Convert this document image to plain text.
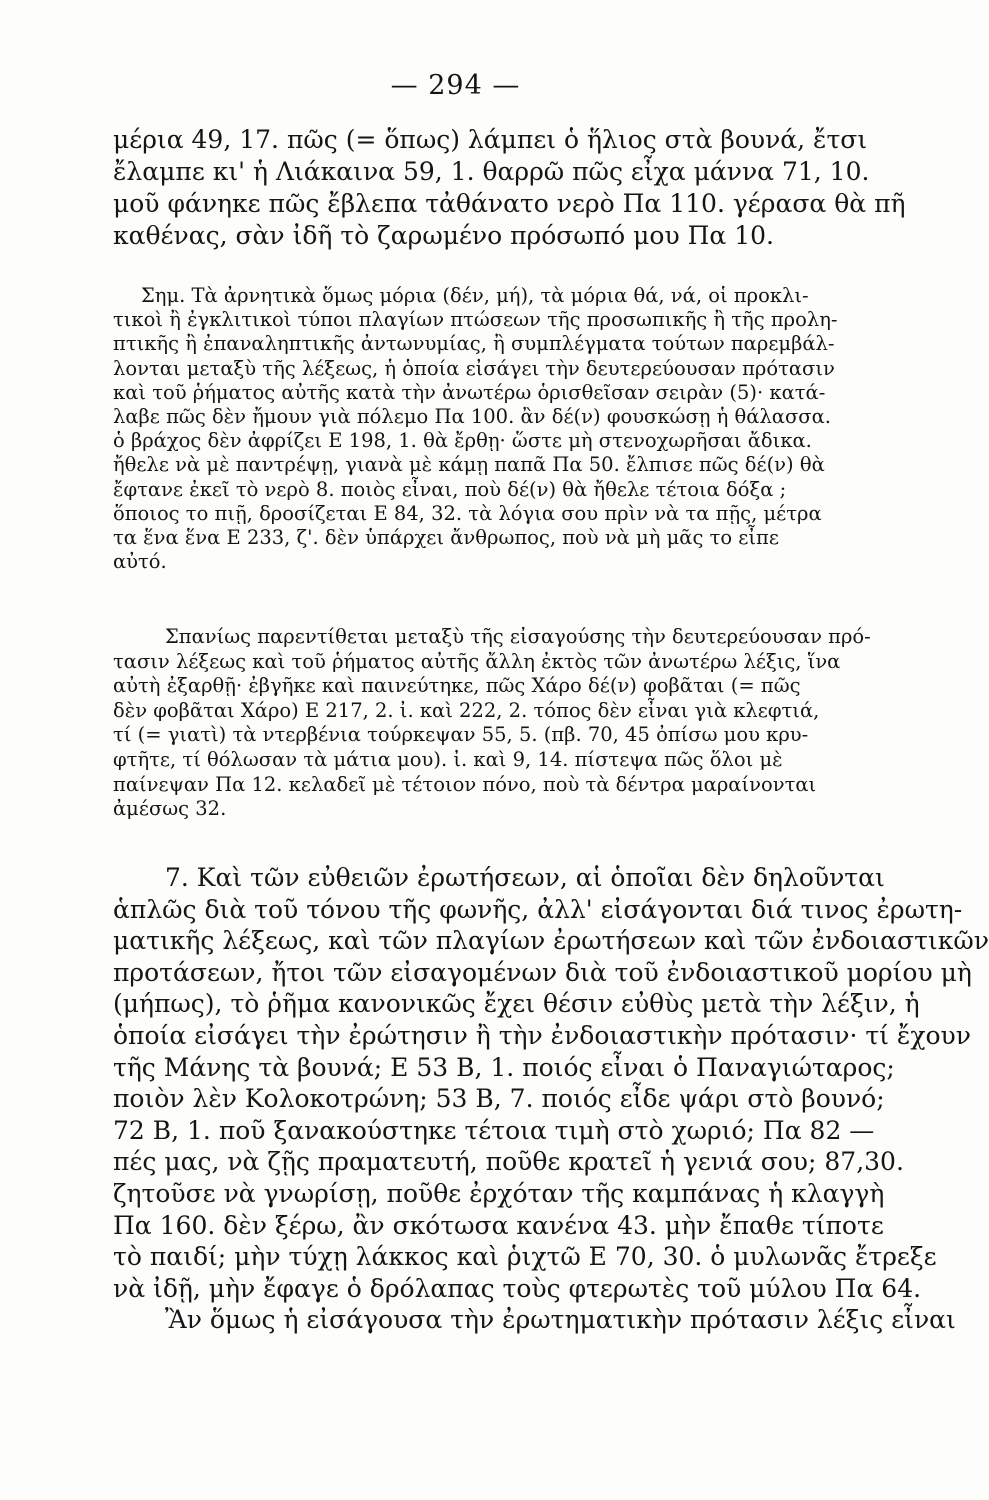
— 294 —
μέρια 49, 17. πῶς (= ὅπως) λάμπει ὁ ἥλιος στὰ βουνά, ἔτσι
ἔλαμπε κι' ἡ Λιάκαινα 59, 1. θαρρῶ πῶς εἶχα μάννα 71, 10.
μοῦ φάνηκε πῶς ἔβλεπα τἀθάνατο νερὸ Πα 110. γέρασα θὰ πῆ
καθένας, σὰν ἰδῆ τὸ ζαρωμένο πρόσωπό μου Πα 10.
Σημ. Τὰ ἀρνητικὰ ὅμως μόρια (δέν, μή), τὰ μόρια θά, νά, οἱ προκλι-
τικοὶ ἢ ἐγκλιτικοὶ τύποι πλαγίων πτώσεων τῆς προσωπικῆς ἢ τῆς προλη-
πτικῆς ἢ ἐπαναληπτικῆς ἀντωνυμίας, ἢ συμπλέγματα τούτων παρεμβάλ-
λονται μεταξὺ τῆς λέξεως, ἡ ὁποία εἰσάγει τὴν δευτερεύουσαν πρότασιν
καὶ τοῦ ῥήματος αὐτῆς κατὰ τὴν ἀνωτέρω ὁρισθεῖσαν σειρὰν (5)· κατά-
λαβε πῶς δὲν ἤμουν γιὰ πόλεμο Πα 100. ἂν δέ(ν) φουσκώσῃ ἡ θάλασσα.
ὁ βράχος δὲν ἀφρίζει Ε 198, 1. θὰ ἔρθῃ· ὥστε μὴ στενοχωρῆσαι ἄδικα.
ἤθελε νὰ μὲ παντρέψῃ, γιανὰ μὲ κάμῃ παπᾶ Πα 50. ἔλπισε πῶς δέ(ν) θὰ
ἔφτανε ἐκεῖ τὸ νερὸ 8. ποιὸς εἶναι, ποὺ δέ(ν) θὰ ἤθελε τέτοια δόξα ;
ὅποιος το πιῇ, δροσίζεται Ε 84, 32. τὰ λόγια σου πρὶν νὰ τα πῇς, μέτρα
τα ἕνα ἕνα Ε 233, ζ'. δὲν ὑπάρχει ἄνθρωπος, ποὺ νὰ μὴ μᾶς το εἶπε
αὐτό.
Σπανίως παρεντίθεται μεταξὺ τῆς εἰσαγούσης τὴν δευτερεύουσαν πρό-
τασιν λέξεως καὶ τοῦ ῥήματος αὐτῆς ἄλλη ἐκτὸς τῶν ἀνωτέρω λέξις, ἵνα
αὐτὴ ἐξαρθῇ· ἐβγῆκε καὶ παινεύτηκε, πῶς Χάρο δέ(ν) φοβᾶται (= πῶς
δὲν φοβᾶται Χάρο) Ε 217, 2. ἰ. καὶ 222, 2. τόπος δὲν εἶναι γιὰ κλεφτιά,
τί (= γιατὶ) τὰ ντερβένια τούρκεψαν 55, 5. (πβ. 70, 45 ὀπίσω μου κρυ-
φτῆτε, τί θόλωσαν τὰ μάτια μου). ἰ. καὶ 9, 14. πίστεψα πῶς ὅλοι μὲ
παίνεψαν Πα 12. κελαδεῖ μὲ τέτοιον πόνο, ποὺ τὰ δέντρα μαραίνονται
ἀμέσως 32.
7. Καὶ τῶν εὐθειῶν ἐρωτήσεων, αἱ ὁποῖαι δὲν δηλοῦνται
ἁπλῶς διὰ τοῦ τόνου τῆς φωνῆς, ἀλλ' εἰσάγονται διά τινος ἐρωτη-
ματικῆς λέξεως, καὶ τῶν πλαγίων ἐρωτήσεων καὶ τῶν ἐνδοιαστικῶν
προτάσεων, ἤτοι τῶν εἰσαγομένων διὰ τοῦ ἐνδοιαστικοῦ μορίου μὴ
(μήπως), τὸ ῥῆμα κανονικῶς ἔχει θέσιν εὐθὺς μετὰ τὴν λέξιν, ἡ
ὁποία εἰσάγει τὴν ἐρώτησιν ἢ τὴν ἐνδοιαστικὴν πρότασιν· τί ἔχουν
τῆς Μάνης τὰ βουνά; Ε 53 Β, 1. ποιός εἶναι ὁ Παναγιώταρος;
ποιὸν λὲν Κολοκοτρώνη; 53 Β, 7. ποιός εἶδε ψάρι στὸ βουνό;
72 Β, 1. ποῦ ξανακούστηκε τέτοια τιμὴ στὸ χωριό; Πα 82 —
πές μας, νὰ ζῇς πραματευτή, ποῦθε κρατεῖ ἡ γενιά σου; 87,30.
ζητοῦσε νὰ γνωρίσῃ, ποῦθε ἐρχόταν τῆς καμπάνας ἡ κλαγγὴ
Πα 160. δὲν ξέρω, ἂν σκότωσα κανένα 43. μὴν ἔπαθε τίποτε
τὸ παιδί; μὴν τύχῃ λάκκος καὶ ῥιχτῶ Ε 70, 30. ὁ μυλωνᾶς ἔτρεξε
νὰ ἰδῇ, μὴν ἔφαγε ὁ δρόλαπας τοὺς φτερωτὲς τοῦ μύλου Πα 64.
Ἂν ὅμως ἡ εἰσάγουσα τὴν ἐρωτηματικὴν πρότασιν λέξις εἶναι
